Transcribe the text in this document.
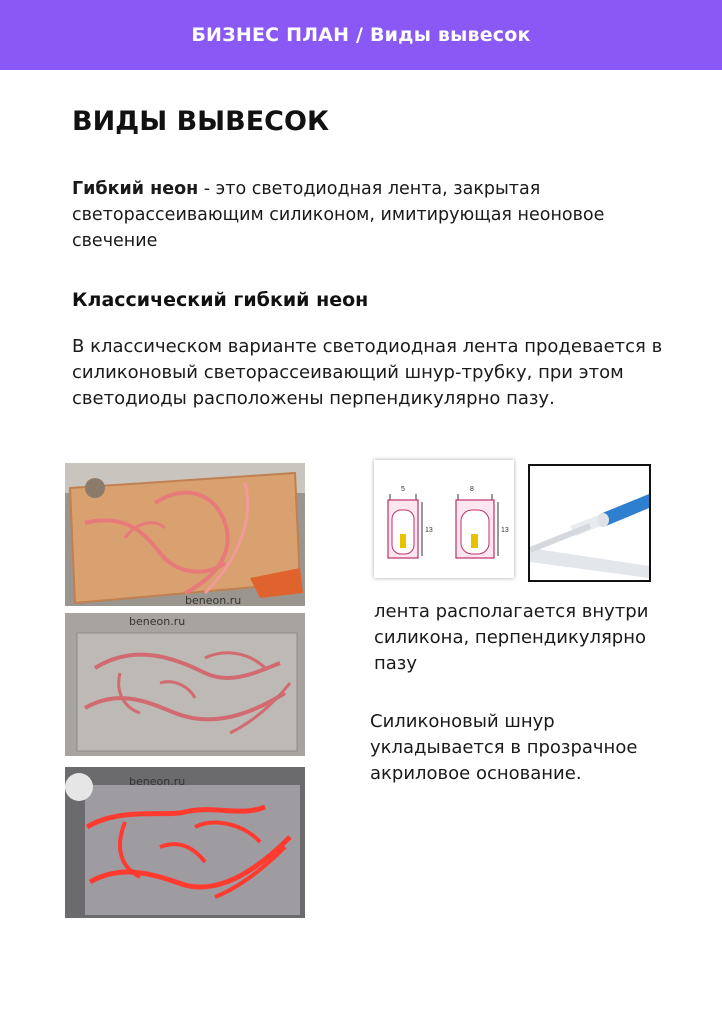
БИЗНЕС ПЛАН / Виды вывесок
ВИДЫ ВЫВЕСОК

Гибкий неон - это светодиодная лента, закрытая светорассеивающим силиконом, имитирующая неоновое свечение

Классический гибкий неон

В классическом варианте светодиодная лента продевается в силиконовый светорассеивающий шнур-трубку, при этом светодиоды расположены перпендикулярно пазу.

beneon.ru
beneon.ru
beneon.ru
5	8
13	13

лента располагается внутри силикона, перпендикулярно пазу

Силиконовый шнур укладывается в прозрачное акриловое основание.
